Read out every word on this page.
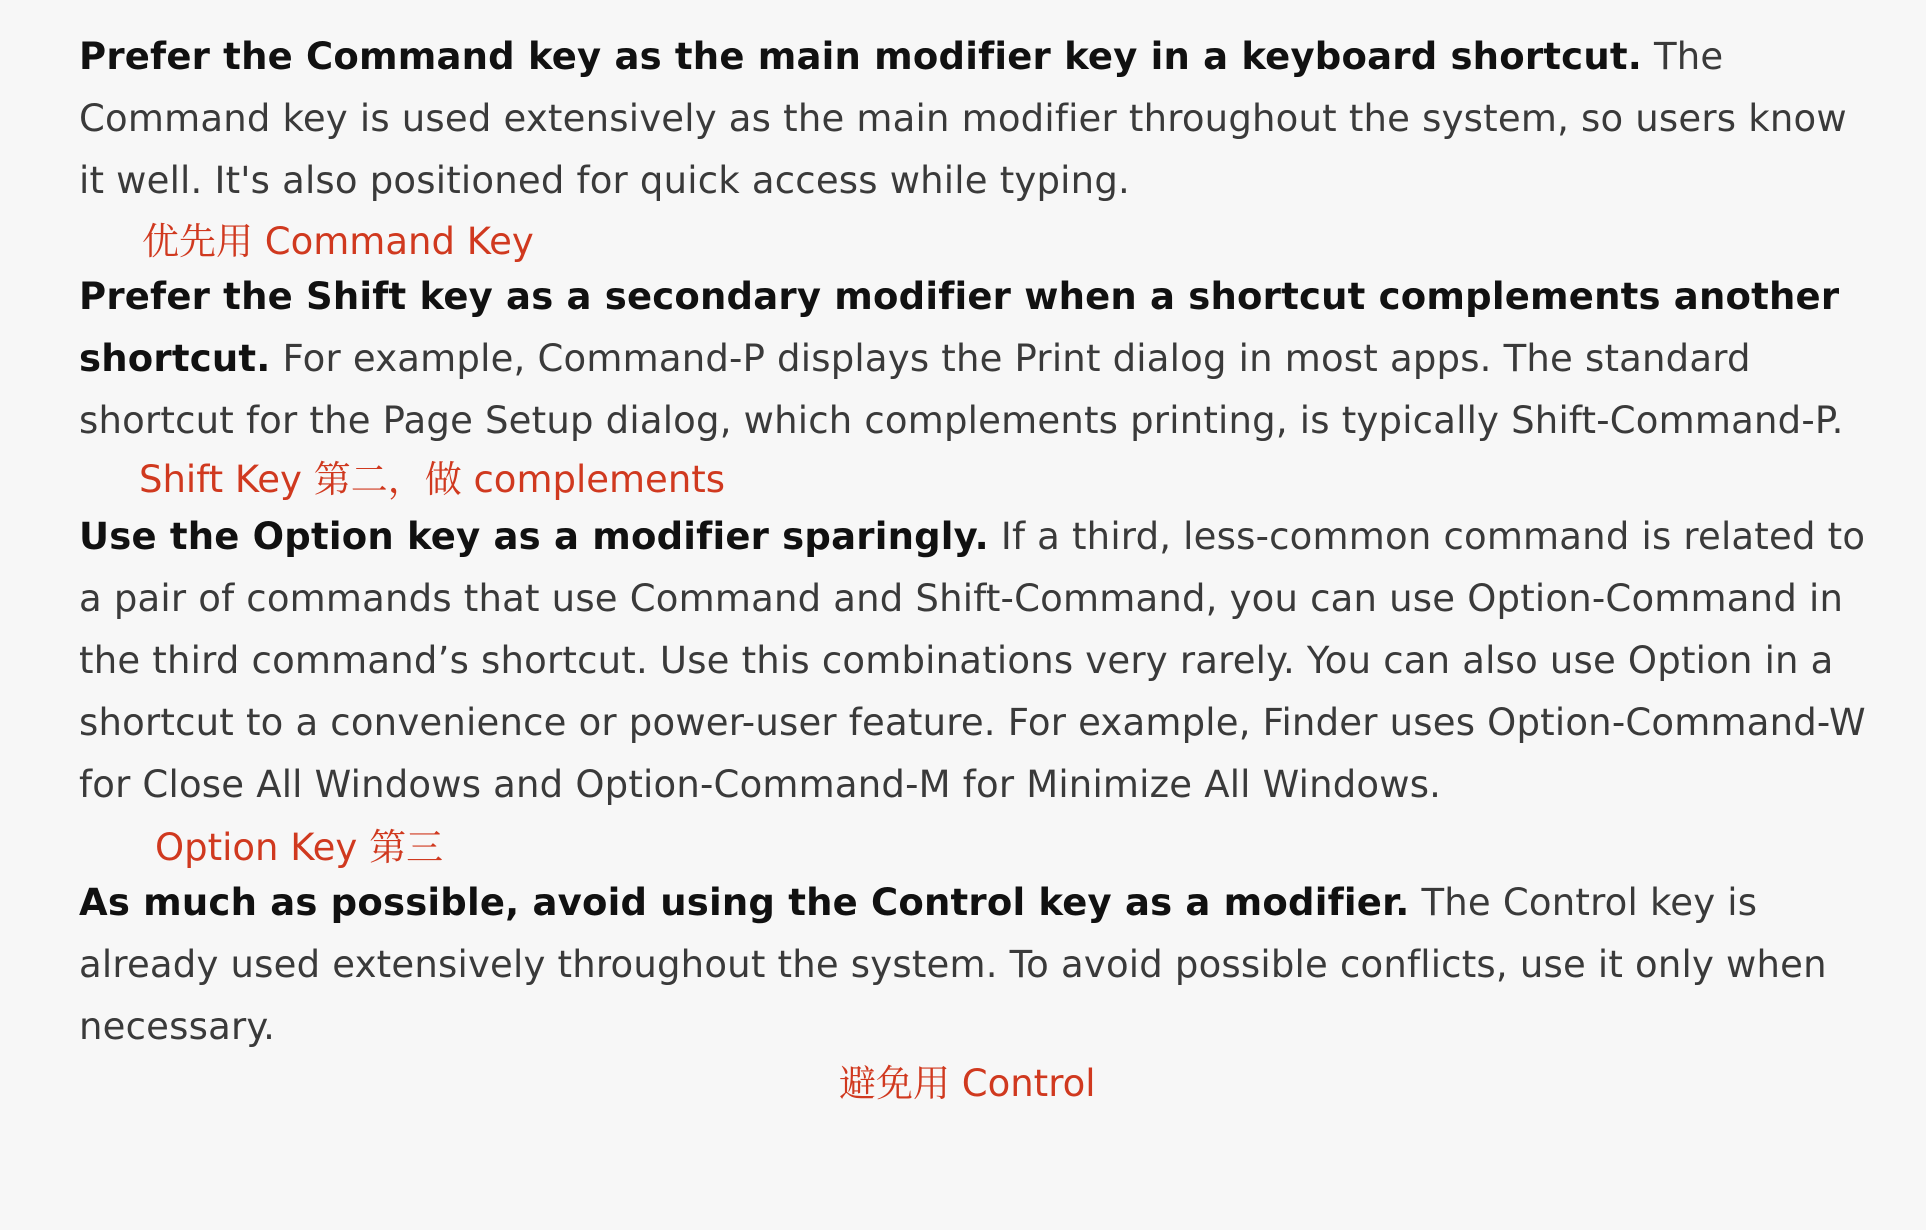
Prefer the Command key as the main modifier key in a keyboard shortcut. The Command key is used extensively as the main modifier throughout the system, so users know it well. It's also positioned for quick access while typing.

优先用 Command Key

Prefer the Shift key as a secondary modifier when a shortcut complements another shortcut. For example, Command-P displays the Print dialog in most apps. The standard shortcut for the Page Setup dialog, which complements printing, is typically Shift-Command-P.

Shift Key 第二，做 complements

Use the Option key as a modifier sparingly. If a third, less-common command is related to a pair of commands that use Command and Shift-Command, you can use Option-Command in the third command’s shortcut. Use this combinations very rarely. You can also use Option in a shortcut to a convenience or power-user feature. For example, Finder uses Option-Command-W for Close All Windows and Option-Command-M for Minimize All Windows.

Option Key 第三

As much as possible, avoid using the Control key as a modifier. The Control key is already used extensively throughout the system. To avoid possible conflicts, use it only when necessary.

避免用 Control
